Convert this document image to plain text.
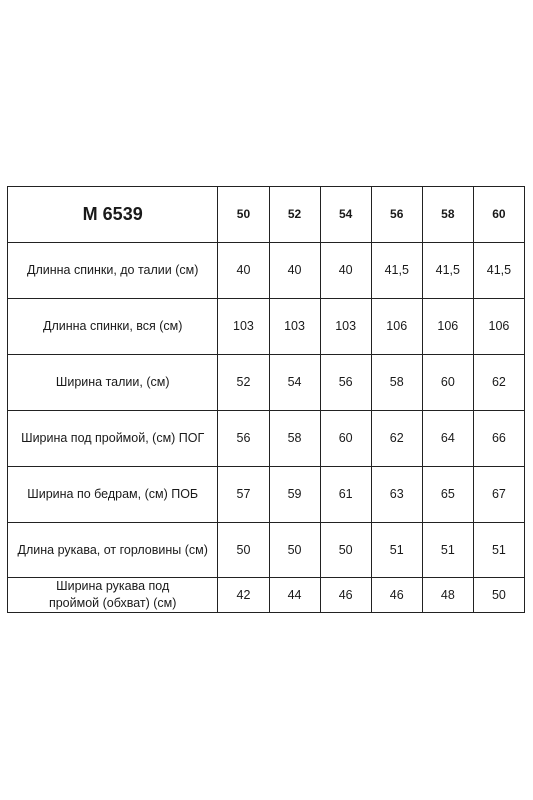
M 6539	50	52	54	56	58	60
Длинна спинки, до талии (см)	40	40	40	41,5	41,5	41,5
Длинна спинки, вся (см)	103	103	103	106	106	106
Ширина талии, (см)	52	54	56	58	60	62
Ширина под проймой, (см) ПОГ	56	58	60	62	64	66
Ширина по бедрам, (см) ПОБ	57	59	61	63	65	67
Длина рукава, от горловины (см)	50	50	50	51	51	51

Ширина рукава под
проймой (обхват) (см)	42	44	46	46	48	50
